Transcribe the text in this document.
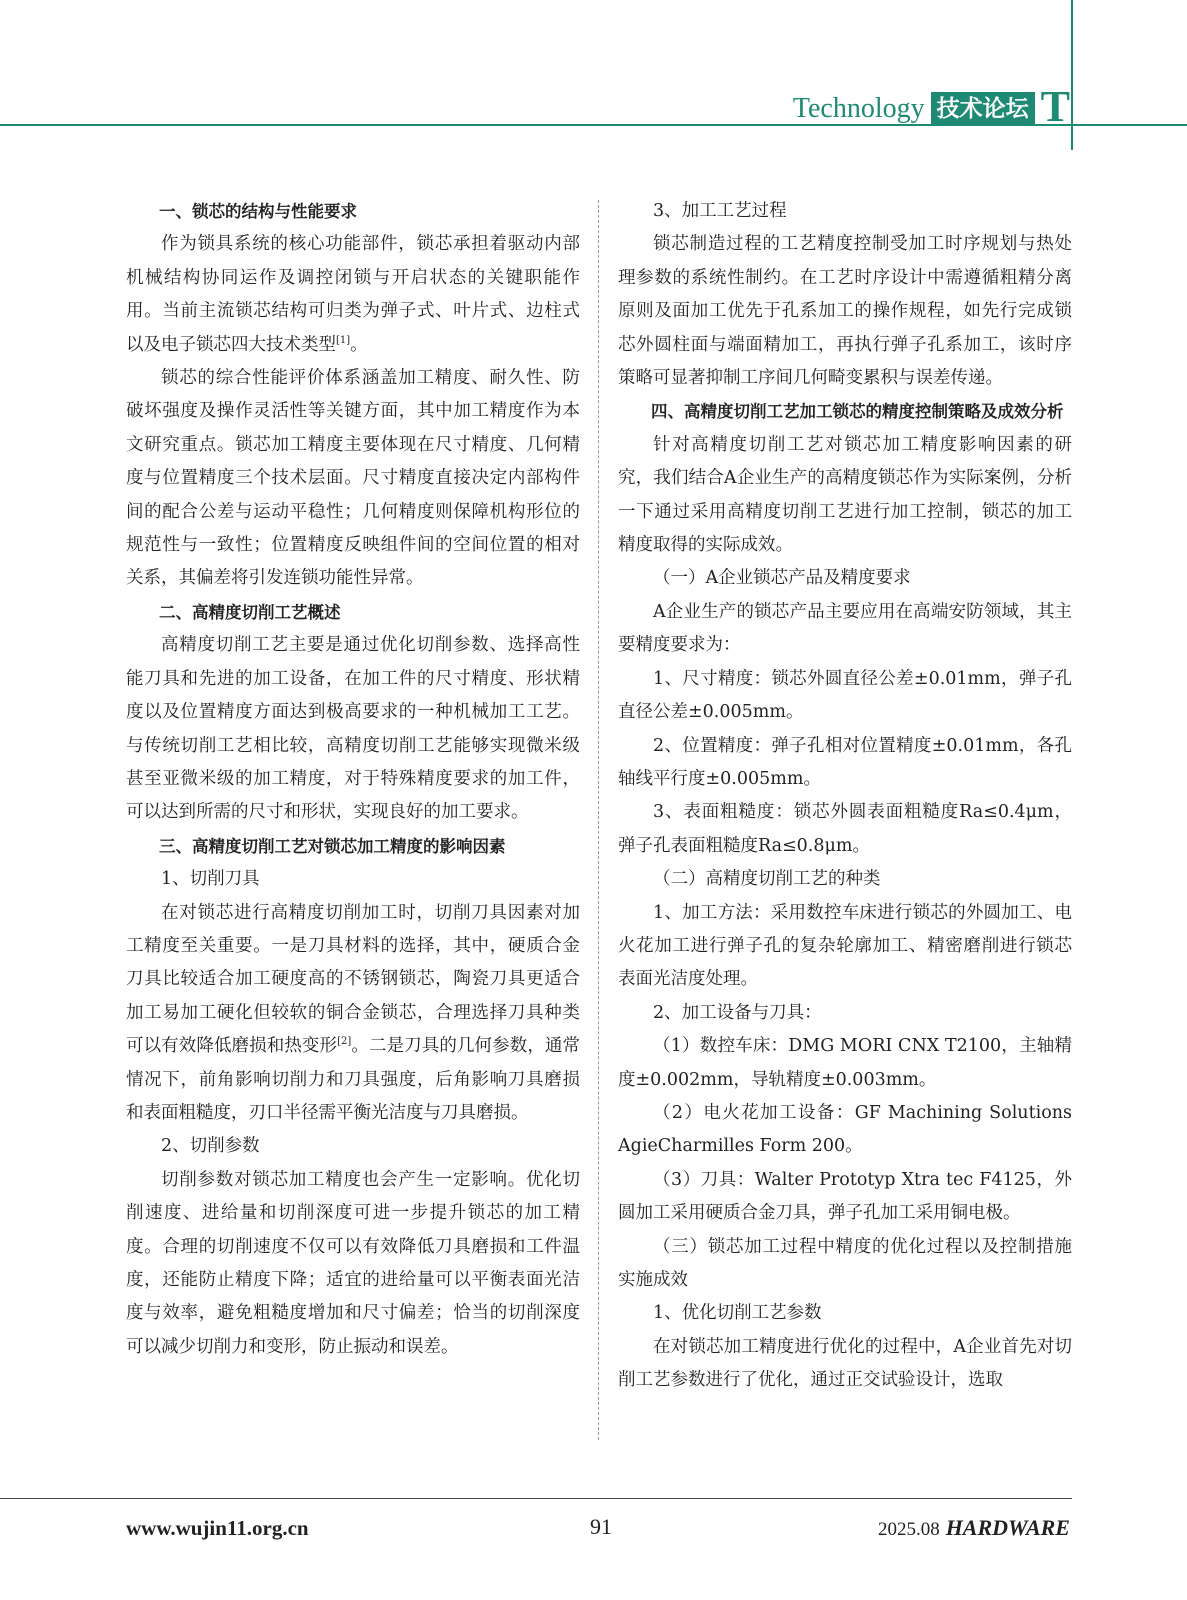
Technology 技术论坛 T

一、锁芯的结构与性能要求

作为锁具系统的核心功能部件，锁芯承担着驱动内部机械结构协同运作及调控闭锁与开启状态的关键职能作用。当前主流锁芯结构可归类为弹子式、叶片式、边柱式以及电子锁芯四大技术类型[1]。

锁芯的综合性能评价体系涵盖加工精度、耐久性、防破坏强度及操作灵活性等关键方面，其中加工精度作为本文研究重点。锁芯加工精度主要体现在尺寸精度、几何精度与位置精度三个技术层面。尺寸精度直接决定内部构件间的配合公差与运动平稳性；几何精度则保障机构形位的规范性与一致性；位置精度反映组件间的空间位置的相对关系，其偏差将引发连锁功能性异常。

二、高精度切削工艺概述

高精度切削工艺主要是通过优化切削参数、选择高性能刀具和先进的加工设备，在加工件的尺寸精度、形状精度以及位置精度方面达到极高要求的一种机械加工工艺。与传统切削工艺相比较，高精度切削工艺能够实现微米级甚至亚微米级的加工精度，对于特殊精度要求的加工件，可以达到所需的尺寸和形状，实现良好的加工要求。

三、高精度切削工艺对锁芯加工精度的影响因素

1、切削刀具

在对锁芯进行高精度切削加工时，切削刀具因素对加工精度至关重要。一是刀具材料的选择，其中，硬质合金刀具比较适合加工硬度高的不锈钢锁芯，陶瓷刀具更适合加工易加工硬化但较软的铜合金锁芯，合理选择刀具种类可以有效降低磨损和热变形[2]。二是刀具的几何参数，通常情况下，前角影响切削力和刀具强度，后角影响刀具磨损和表面粗糙度，刃口半径需平衡光洁度与刀具磨损。

2、切削参数

切削参数对锁芯加工精度也会产生一定影响。优化切削速度、进给量和切削深度可进一步提升锁芯的加工精度。合理的切削速度不仅可以有效降低刀具磨损和工件温度，还能防止精度下降；适宜的进给量可以平衡表面光洁度与效率，避免粗糙度增加和尺寸偏差；恰当的切削深度可以减少切削力和变形，防止振动和误差。

3、加工工艺过程

锁芯制造过程的工艺精度控制受加工时序规划与热处理参数的系统性制约。在工艺时序设计中需遵循粗精分离原则及面加工优先于孔系加工的操作规程，如先行完成锁芯外圆柱面与端面精加工，再执行弹子孔系加工，该时序策略可显著抑制工序间几何畸变累积与误差传递。

四、高精度切削工艺加工锁芯的精度控制策略及成效分析

针对高精度切削工艺对锁芯加工精度影响因素的研究，我们结合A企业生产的高精度锁芯作为实际案例，分析一下通过采用高精度切削工艺进行加工控制，锁芯的加工精度取得的实际成效。

（一）A企业锁芯产品及精度要求

A企业生产的锁芯产品主要应用在高端安防领域，其主要精度要求为：

1、尺寸精度：锁芯外圆直径公差±0.01mm，弹子孔直径公差±0.005mm。

2、位置精度：弹子孔相对位置精度±0.01mm，各孔轴线平行度±0.005mm。

3、表面粗糙度：锁芯外圆表面粗糙度Ra≤0.4μm，弹子孔表面粗糙度Ra≤0.8μm。

（二）高精度切削工艺的种类

1、加工方法：采用数控车床进行锁芯的外圆加工、电火花加工进行弹子孔的复杂轮廓加工、精密磨削进行锁芯表面光洁度处理。

2、加工设备与刀具：

（1）数控车床：DMG MORI CNX T2100，主轴精度±0.002mm，导轨精度±0.003mm。

（2）电火花加工设备：GF Machining Solutions AgieCharmilles Form 200。

（3）刀具：Walter Prototyp Xtra tec F4125，外圆加工采用硬质合金刀具，弹子孔加工采用铜电极。

（三）锁芯加工过程中精度的优化过程以及控制措施实施成效

1、优化切削工艺参数

在对锁芯加工精度进行优化的过程中，A企业首先对切削工艺参数进行了优化，通过正交试验设计，选取

www.wujin11.org.cn	91	2025.08 HARDWARE
